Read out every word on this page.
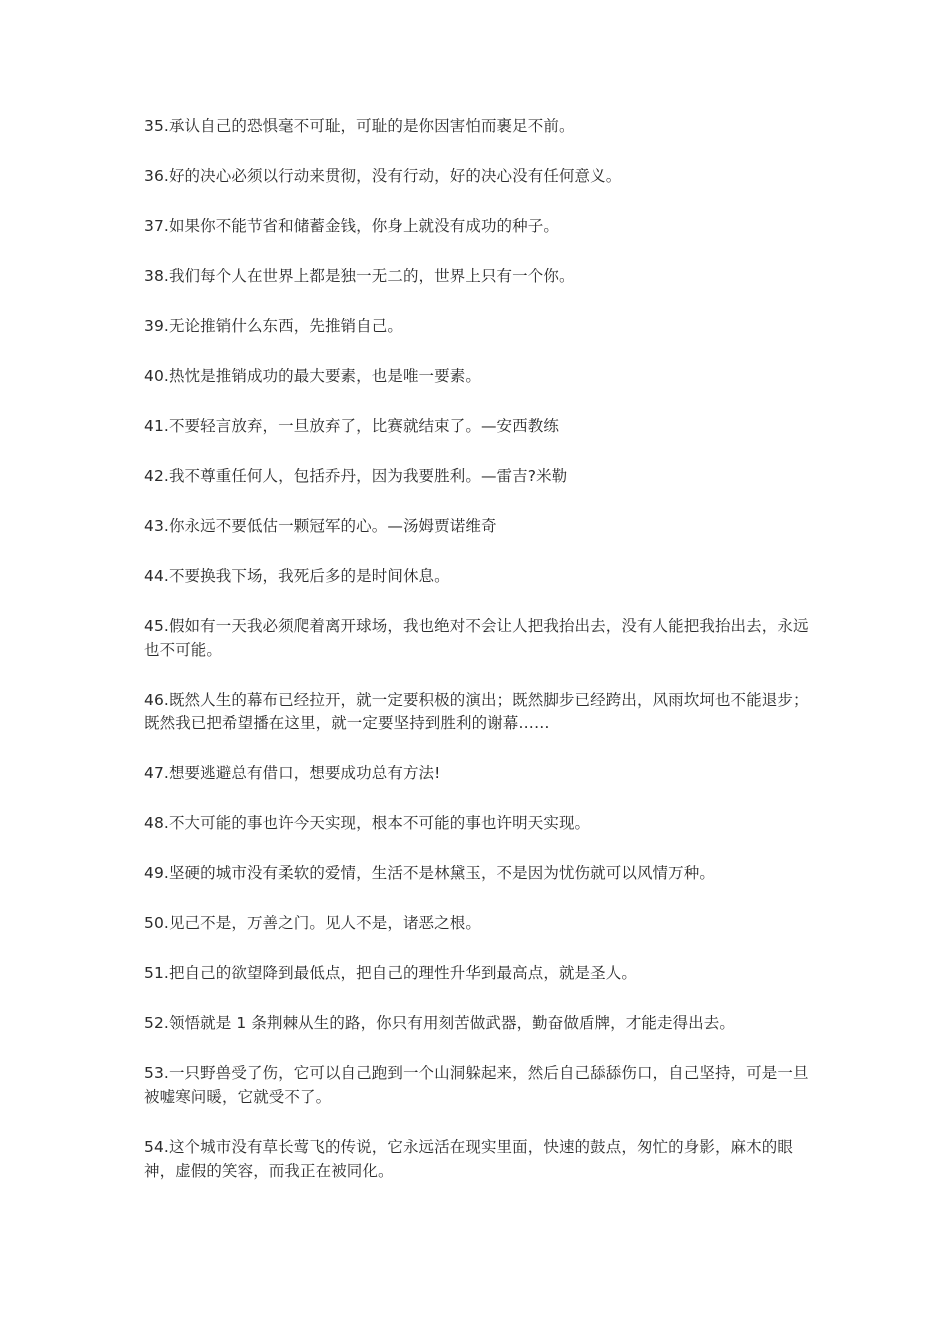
35.承认自己的恐惧毫不可耻，可耻的是你因害怕而裹足不前。

36.好的决心必须以行动来贯彻，没有行动，好的决心没有任何意义。

37.如果你不能节省和储蓄金钱，你身上就没有成功的种子。

38.我们每个人在世界上都是独一无二的，世界上只有一个你。

39.无论推销什么东西，先推销自己。

40.热忱是推销成功的最大要素，也是唯一要素。

41.不要轻言放弃，一旦放弃了，比赛就结束了。—安西教练

42.我不尊重任何人，包括乔丹，因为我要胜利。—雷吉?米勒

43.你永远不要低估一颗冠军的心。—汤姆贾诺维奇

44.不要换我下场，我死后多的是时间休息。

45.假如有一天我必须爬着离开球场，我也绝对不会让人把我抬出去，没有人能把我抬出去，永远也不可能。

46.既然人生的幕布已经拉开，就一定要积极的演出；既然脚步已经跨出，风雨坎坷也不能退步；既然我已把希望播在这里，就一定要坚持到胜利的谢幕……

47.想要逃避总有借口，想要成功总有方法!

48.不大可能的事也许今天实现，根本不可能的事也许明天实现。

49.坚硬的城市没有柔软的爱情，生活不是林黛玉，不是因为忧伤就可以风情万种。

50.见己不是，万善之门。见人不是，诸恶之根。

51.把自己的欲望降到最低点，把自己的理性升华到最高点，就是圣人。

52.领悟就是 1 条荆棘从生的路，你只有用刻苦做武器，勤奋做盾牌，才能走得出去。

53.一只野兽受了伤，它可以自己跑到一个山洞躲起来，然后自己舔舔伤口，自己坚持，可是一旦被嘘寒问暖，它就受不了。

54.这个城市没有草长莺飞的传说，它永远活在现实里面，快速的鼓点，匆忙的身影，麻木的眼神，虚假的笑容，而我正在被同化。
